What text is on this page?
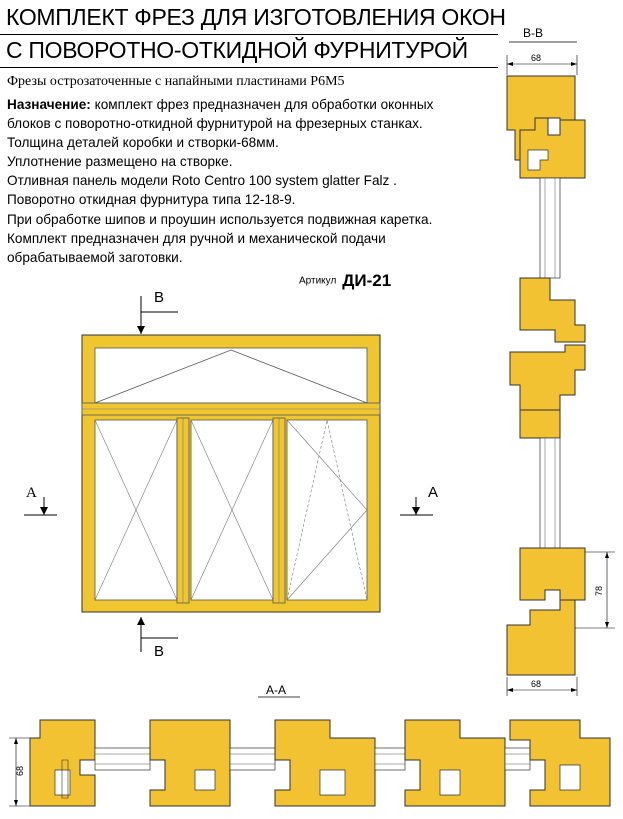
КОМПЛЕКТ ФРЕЗ ДЛЯ ИЗГОТОВЛЕНИЯ ОКОН
С ПОВОРОТНО-ОТКИДНОЙ ФУРНИТУРОЙ
Фрезы острозаточенные с напайными пластинами Р6М5

Назначение: комплект фрез предназначен для обработки оконных

блоков с поворотно-откидной фурнитурой на фрезерных станках.

Толщина деталей коробки и створки-68мм.

Уплотнение размещено на створке.

Отливная панель модели Roto Centro 100 system glatter Falz .

Поворотно откидная фурнитура типа 12-18-9.

При обработке шипов и проушин используется подвижная каретка.

Комплект предназначен для ручной и механической подачи

обрабатываемой заготовки.

Артикул ДИ-21
В
А	А
В
В-В
68
78
68
А-А
68
